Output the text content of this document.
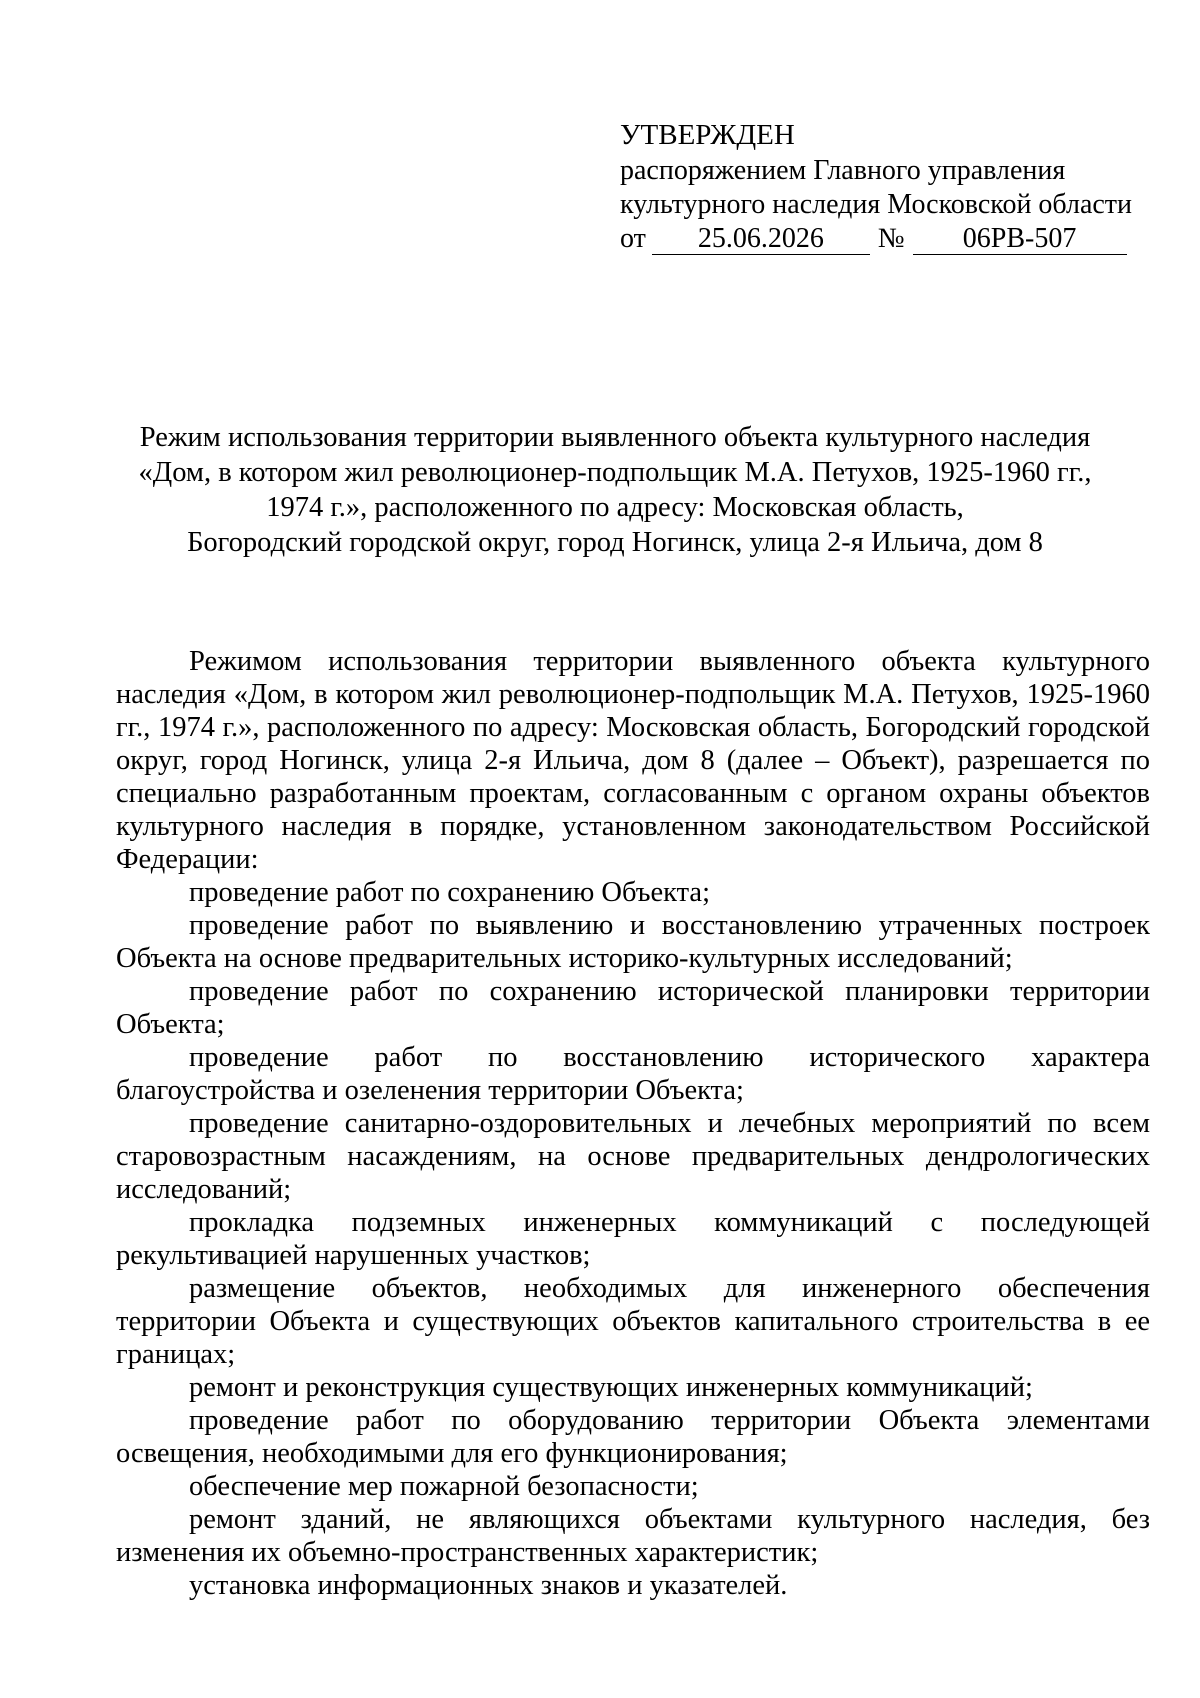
УТВЕРЖДЕН
распоряжением Главного управления
культурного наследия Московской области
от	25.06.2026	№	06РВ-507
Режим использования территории выявленного объекта культурного наследия
«Дом, в котором жил революционер-подпольщик М.А. Петухов, 1925-1960 гг.,
1974 г.», расположенного по адресу: Московская область,
Богородский городской округ, город Ногинск, улица 2-я Ильича, дом 8

Режимом использования территории выявленного объекта культурного наследия «Дом, в котором жил революционер-подпольщик М.А. Петухов, 1925-1960 гг., 1974 г.», расположенного по адресу: Московская область, Богородский городской округ, город Ногинск, улица 2-я Ильича, дом 8 (далее – Объект), разрешается по специально разработанным проектам, согласованным с органом охраны объектов культурного наследия в порядке, установленном законодательством Российской Федерации:

проведение работ по сохранению Объекта;

проведение работ по выявлению и восстановлению утраченных построек Объекта на основе предварительных историко-культурных исследований;

проведение работ по сохранению исторической планировки территории Объекта;

проведение работ по восстановлению исторического характера благоустройства и озеленения территории Объекта;

проведение санитарно-оздоровительных и лечебных мероприятий по всем старовозрастным насаждениям, на основе предварительных дендрологических исследований;

прокладка подземных инженерных коммуникаций с последующей рекультивацией нарушенных участков;

размещение объектов, необходимых для инженерного обеспечения территории Объекта и существующих объектов капитального строительства в ее границах;

ремонт и реконструкция существующих инженерных коммуникаций;

проведение работ по оборудованию территории Объекта элементами освещения, необходимыми для его функционирования;

обеспечение мер пожарной безопасности;

ремонт зданий, не являющихся объектами культурного наследия, без изменения их объемно-пространственных характеристик;

установка информационных знаков и указателей.
